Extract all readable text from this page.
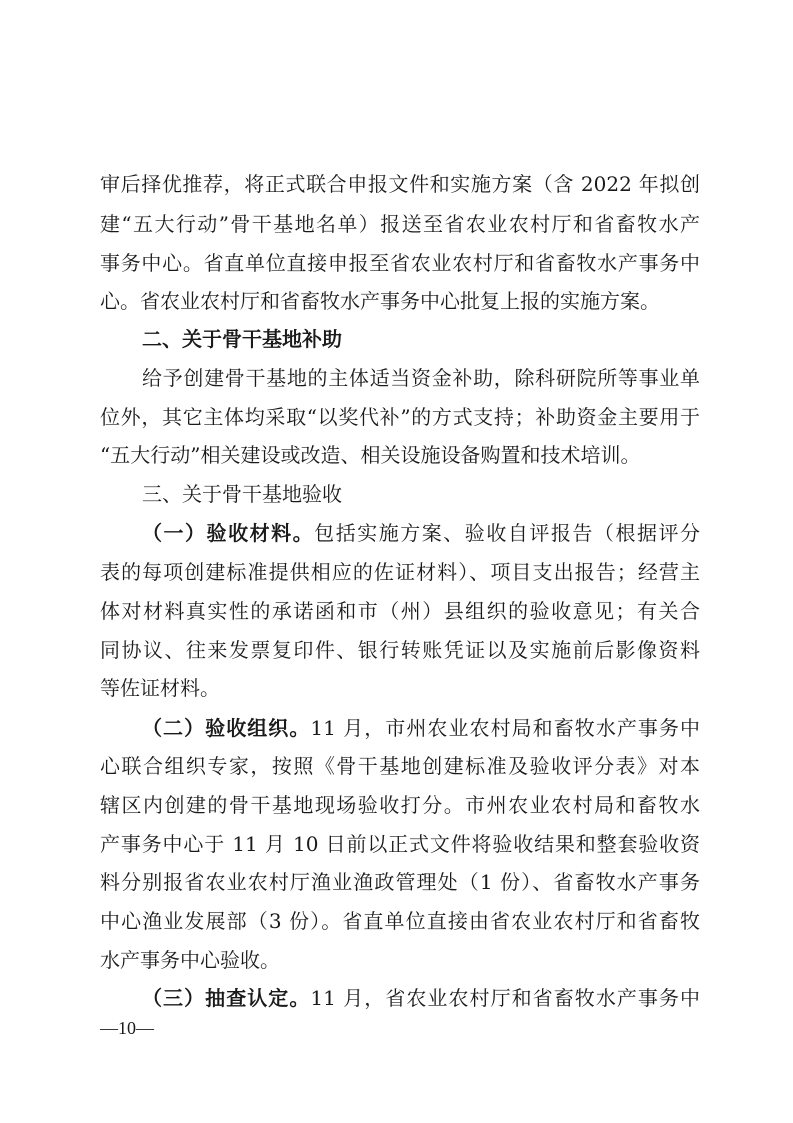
审后择优推荐，将正式联合申报文件和实施方案（含 2022 年拟创
建“五大行动”骨干基地名单）报送至省农业农村厅和省畜牧水产
事务中心。省直单位直接申报至省农业农村厅和省畜牧水产事务中
心。省农业农村厅和省畜牧水产事务中心批复上报的实施方案。
二、关于骨干基地补助
给予创建骨干基地的主体适当资金补助，除科研院所等事业单
位外，其它主体均采取“以奖代补”的方式支持；补助资金主要用于
“五大行动”相关建设或改造、相关设施设备购置和技术培训。
三、关于骨干基地验收
（一）验收材料。包括实施方案、验收自评报告（根据评分
表的每项创建标准提供相应的佐证材料）、项目支出报告；经营主
体对材料真实性的承诺函和市（州）县组织的验收意见；有关合
同协议、往来发票复印件、银行转账凭证以及实施前后影像资料
等佐证材料。
（二）验收组织。11 月，市州农业农村局和畜牧水产事务中
心联合组织专家，按照《骨干基地创建标准及验收评分表》对本
辖区内创建的骨干基地现场验收打分。市州农业农村局和畜牧水
产事务中心于 11 月 10 日前以正式文件将验收结果和整套验收资
料分别报省农业农村厅渔业渔政管理处（1 份）、省畜牧水产事务
中心渔业发展部（3 份）。省直单位直接由省农业农村厅和省畜牧
水产事务中心验收。
（三）抽查认定。11 月，省农业农村厅和省畜牧水产事务中
—10—
